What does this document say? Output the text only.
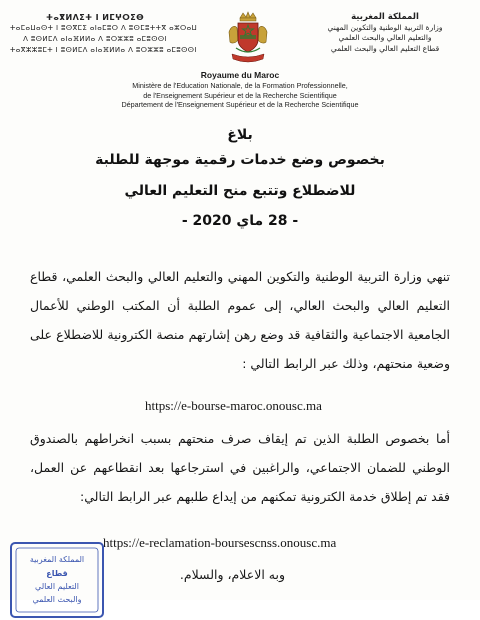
ⵜⴰⴳⵍⴷⵉⵜ ⵏ ⵍⵎⵖⵔⵉⴱ
ⵜⴰⵎⴰⵡⴰⵙⵜ ⵏ ⵓⵙⴳⵎⵉ ⴰⵏⴰⵎⵓⵔ ⴷ ⵓⵙⵎⵓⵜⵜⴳ ⴰⵣⵔⴰⵡ
ⴷ ⵓⵙⵍⵎⴷ ⴰⵏⴰⴼⵍⵍⴰ ⴷ ⵓⵔⵣⵣⵓ ⴰⵎⵓⵙⵙⵏ
ⵜⴰⴳⵣⵣⵓⵎⵜ ⵏ ⵓⵙⵍⵎⴷ ⴰⵏⴰⴼⵍⵍⴰ ⴷ ⵓⵔⵣⵣⵓ ⴰⵎⵓⵙⵙⵏ
المملكة المغربية
وزارة التربية الوطنية والتكوين المهني
والتعليم العالي والبحث العلمي
قطاع التعليم العالي والبحث العلمي
Royaume du Maroc
Ministère de l'Education Nationale, de la Formation Professionnelle,
de l'Enseignement Supérieur et de la Recherche Scientifique
Département de l'Enseignement Supérieur et de la Recherche Scientifique
بلاغ
بخصوص وضع خدمات رقمية موجهة للطلبة
للاضطلاع وتتبع منح التعليم العالي
- 28 ماي 2020 -
تنهي وزارة التربية الوطنية والتكوين المهني والتعليم العالي والبحث العلمي، قطاع التعليم العالي والبحث العالي، إلى عموم الطلبة أن المكتب الوطني للأعمال الجامعية الاجتماعية والثقافية قد وضع رهن إشارتهم منصة الكترونية للاضطلاع على وضعية منحتهم، وذلك عبر الرابط التالي :
https://e-bourse-maroc.onousc.ma
أما بخصوص الطلبة الذين تم إيقاف صرف منحتهم بسبب انخراطهم بالصندوق الوطني للضمان الاجتماعي، والراغبين في استرجاعها بعد انقطاعهم عن العمل، فقد تم إطلاق خدمة الكترونية تمكنهم من إيداع طلبهم عبر الرابط التالي:
https://e-reclamation-boursescnss.onousc.ma
وبه الاعلام، والسلام.
المملكة المغربية
قطاع
التعليم العالي
والبحث العلمي
